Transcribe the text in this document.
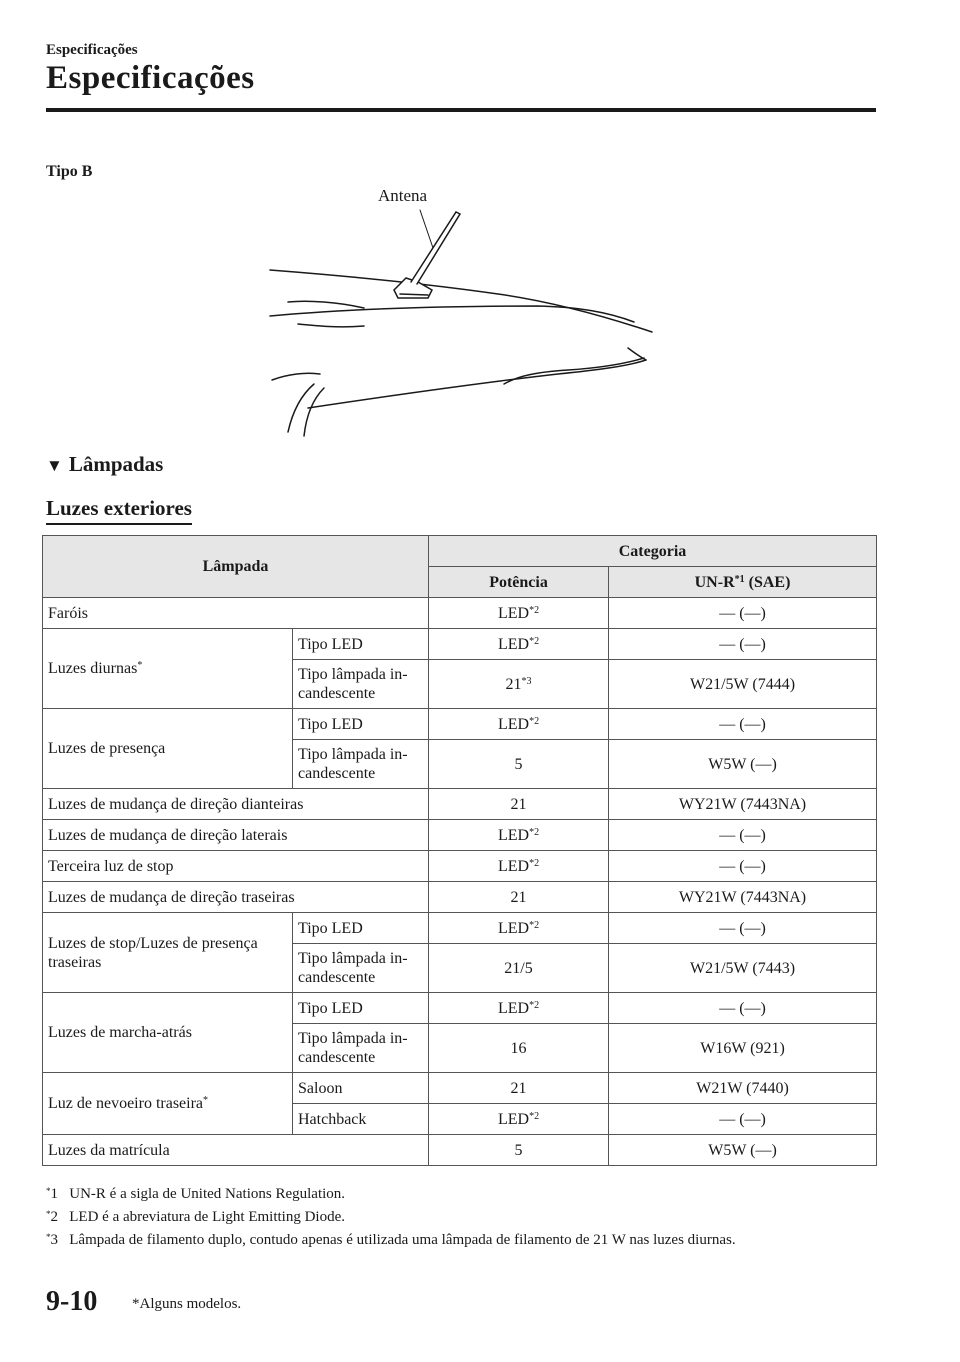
Especificações
Especificações
Tipo B
Antena
▼ Lâmpadas
Luzes exteriores
Lâmpada		Categoria	
		Potência	$UN-R^{*1}$ (SAE)
Faróis		LED$^{*2}$	— (—)
Luzes diurnas*	Tipo LED	LED$^{*2}$	— (—)
	Tipo lâmpada in-
candescente	21$^{*3}$	W21/5W (7444)
Luzes de presença	Tipo LED	LED$^{*2}$	— (—)
	Tipo lâmpada in-
candescente	5	W5W (—)
Luzes de mudança de direção dianteiras		21	WY21W (7443NA)
Luzes de mudança de direção laterais		LED$^{*2}$	— (—)
Terceira luz de stop		LED$^{*2}$	— (—)
Luzes de mudança de direção traseiras		21	WY21W (7443NA)
Luzes de stop/Luzes de presença
traseiras	Tipo LED	LED$^{*2}$	— (—)
	Tipo lâmpada in-
candescente	21/5	W21/5W (7443)
Luzes de marcha-atrás	Tipo LED	LED$^{*2}$	— (—)
	Tipo lâmpada in-
candescente	16	W16W (921)
Luz de nevoeiro traseira*	Saloon	21	W21W (7440)
	Hatchback	LED$^{*2}$	— (—)
Luzes da matrícula		5	W5W (—)
*1 UN-R é a sigla de United Nations Regulation.
*2 LED é a abreviatura de Light Emitting Diode.
*3 Lâmpada de filamento duplo, contudo apenas é utilizada uma lâmpada de filamento de 21 W nas luzes diurnas.
9-10 *Alguns modelos.
